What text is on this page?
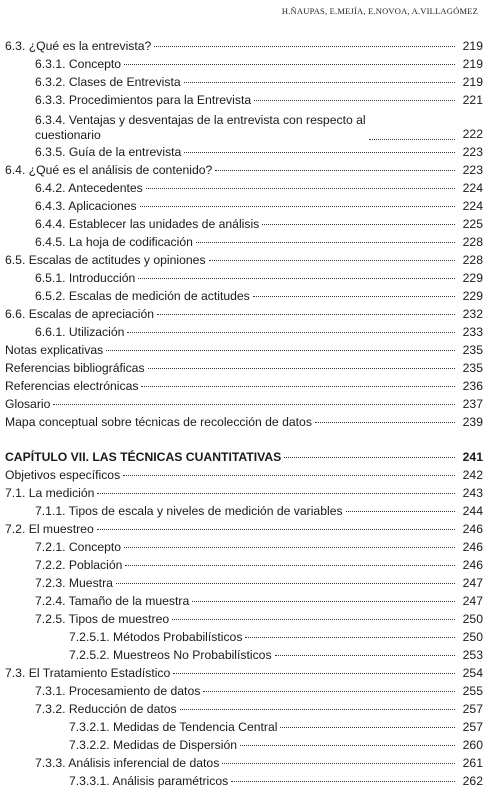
H.ÑAUPAS, E.MEJÍA, E.NOVOA, A.VILLAGÓMEZ
6.3. ¿Qué es la entrevista?	219
6.3.1. Concepto	219
6.3.2. Clases de Entrevista	219
6.3.3. Procedimientos para la Entrevista	221
6.3.4. Ventajas y desventajas de la entrevista con respecto al
cuestionario	222
6.3.5. Guía de la entrevista	223
6.4. ¿Qué es el análisis de contenido?	223
6.4.2. Antecedentes	224
6.4.3. Aplicaciones	224
6.4.4. Establecer las unidades de análisis	225
6.4.5. La hoja de codificación	228
6.5. Escalas de actitudes y opiniones	228
6.5.1. Introducción	229
6.5.2. Escalas de medición de actitudes	229
6.6. Escalas de apreciación	232
6.6.1. Utilización	233
Notas explicativas	235
Referencias bibliográficas	235
Referencias electrónicas	236
Glosario	237
Mapa conceptual sobre técnicas de recolección de datos	239
CAPÍTULO VII. LAS TÉCNICAS CUANTITATIVAS	241
Objetivos específicos	242
7.1. La medición	243
7.1.1. Tipos de escala y niveles de medición de variables	244
7.2. El muestreo	246
7.2.1. Concepto	246
7.2.2. Población	246
7.2.3. Muestra	247
7.2.4. Tamaño de la muestra	247
7.2.5. Tipos de muestreo	250
7.2.5.1. Métodos Probabilísticos	250
7.2.5.2. Muestreos No Probabilísticos	253
7.3. El Tratamiento Estadístico	254
7.3.1. Procesamiento de datos	255
7.3.2. Reducción de datos	257
7.3.2.1. Medidas de Tendencia Central	257
7.3.2.2. Medidas de Dispersión	260
7.3.3. Análisis inferencial de datos	261
7.3.3.1. Análisis paramétricos	262
